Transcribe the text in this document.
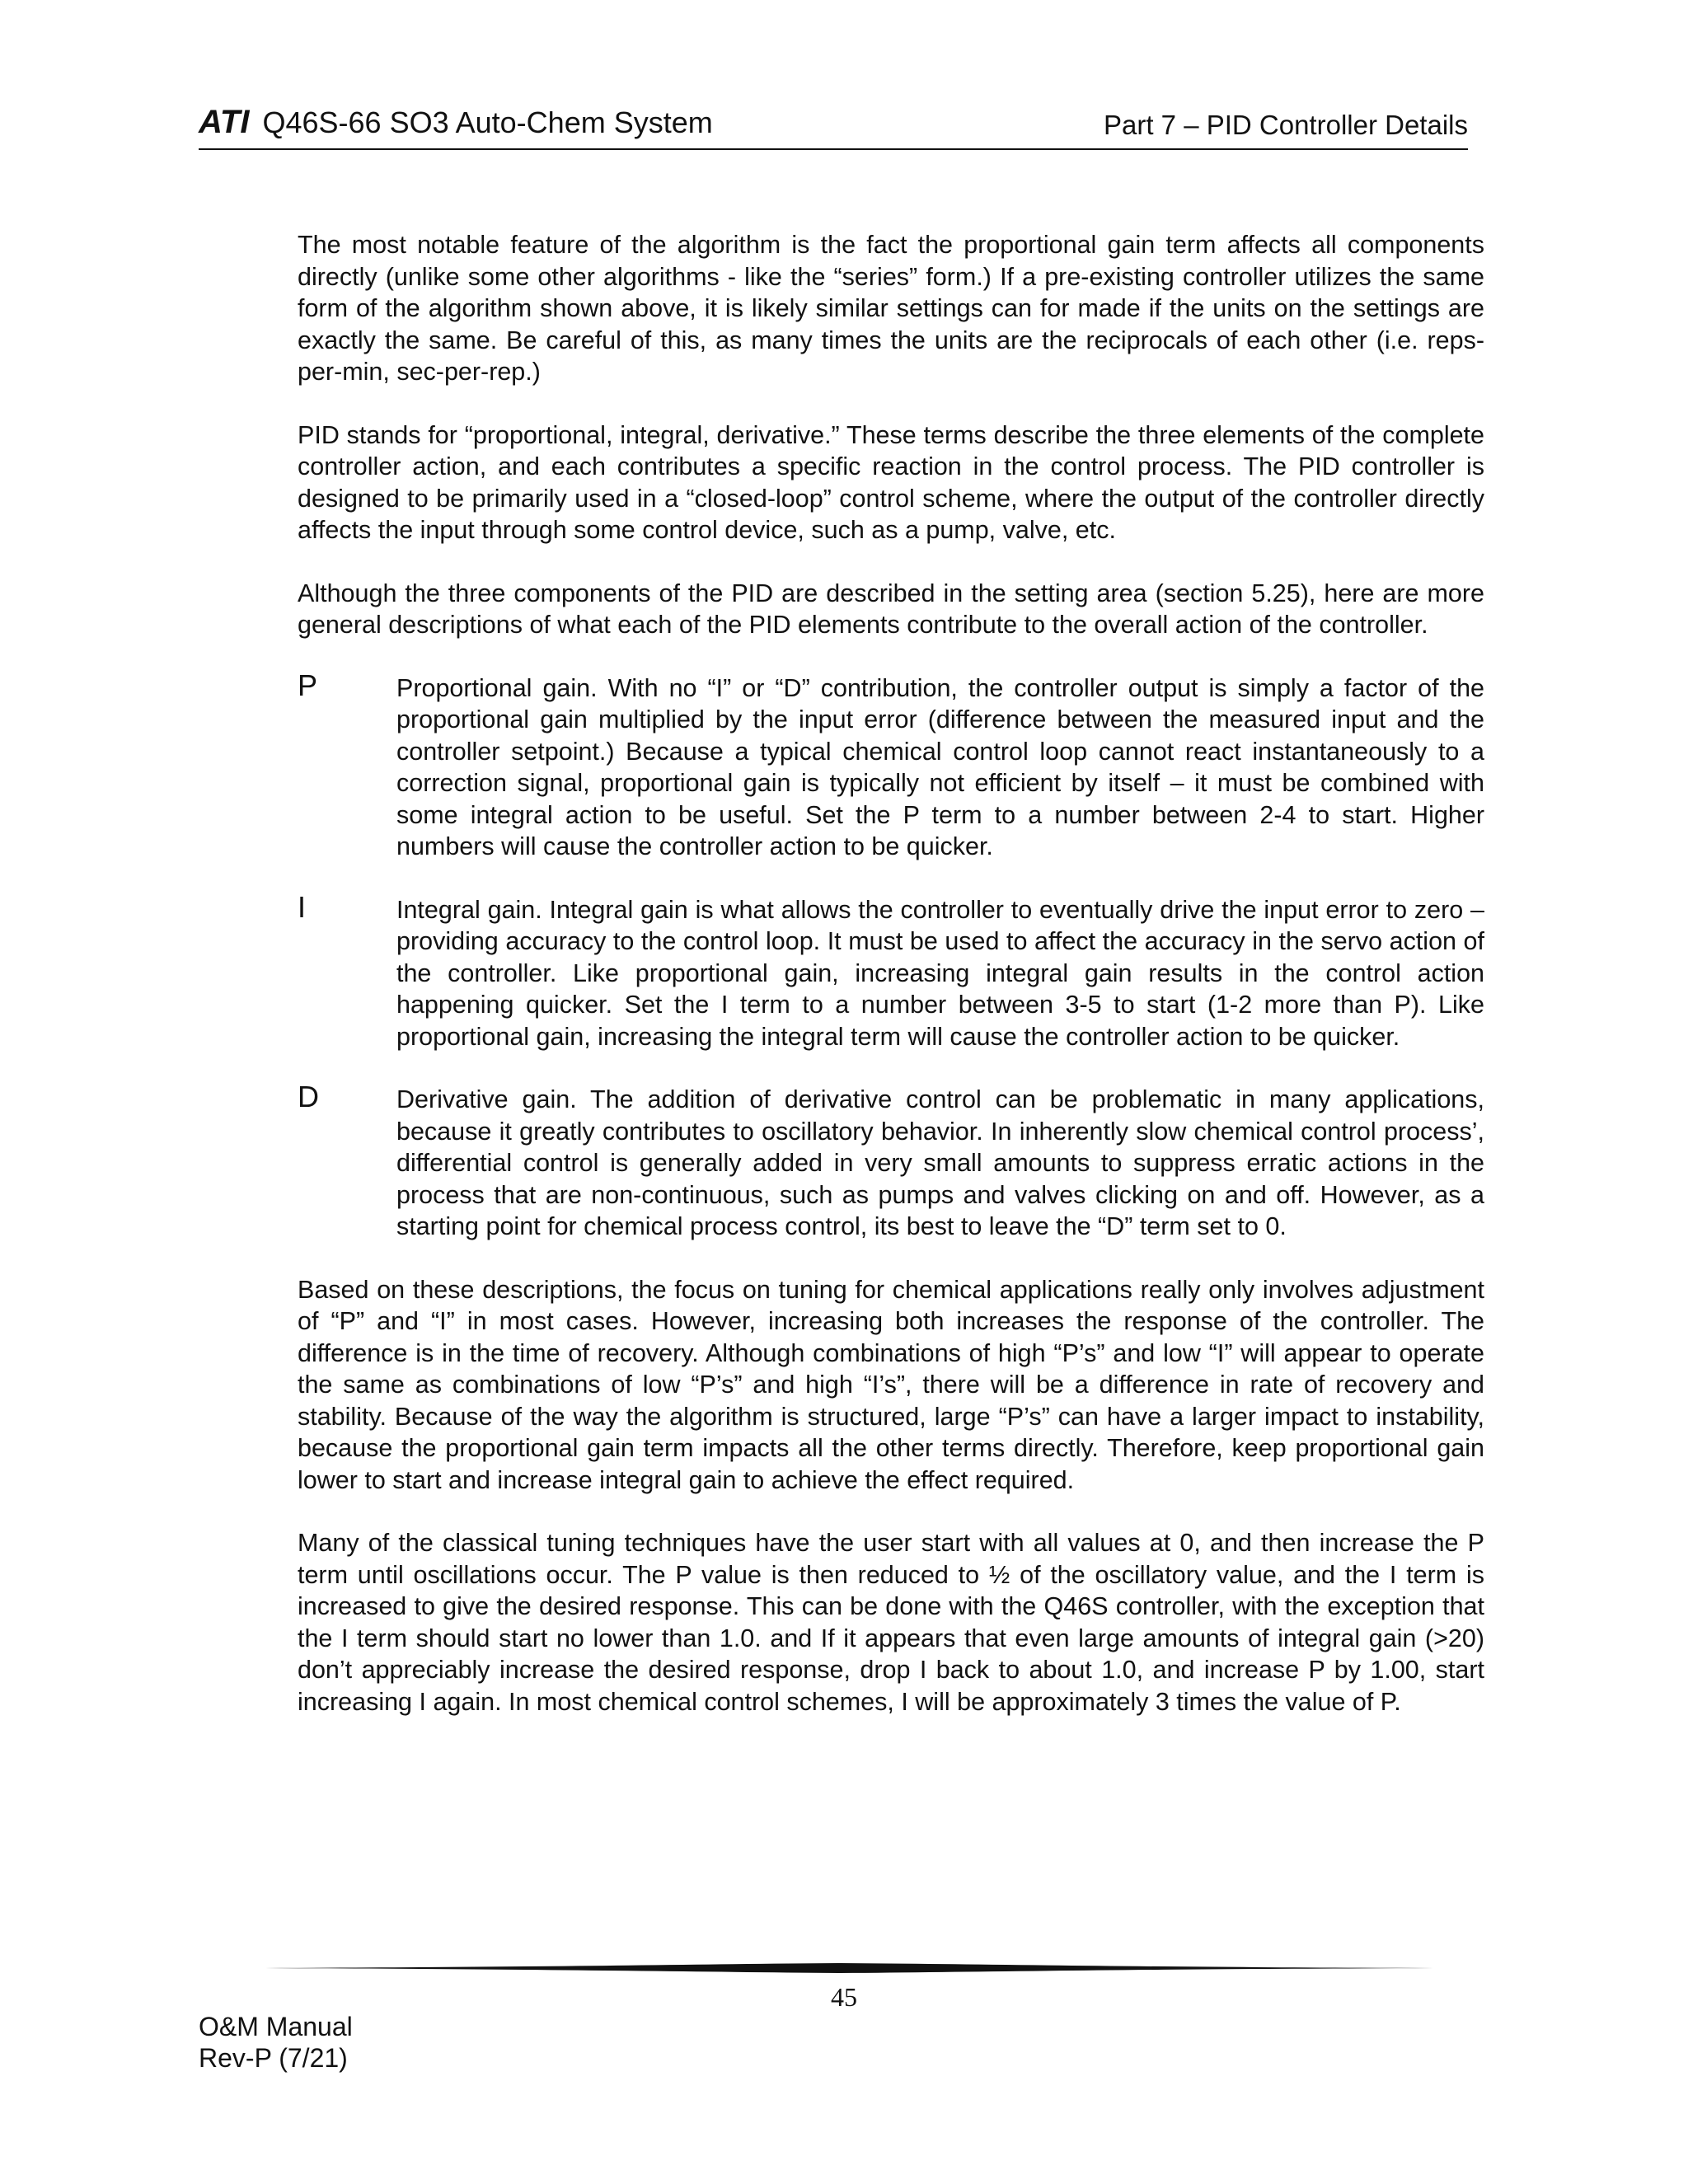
ATI Q46S-66 SO3 Auto-Chem System	Part 7 – PID Controller Details

The most notable feature of the algorithm is the fact the proportional gain term affects all components directly (unlike some other algorithms - like the “series” form.) If a pre-existing controller utilizes the same form of the algorithm shown above, it is likely similar settings can for made if the units on the settings are exactly the same. Be careful of this, as many times the units are the reciprocals of each other (i.e. reps-per-min, sec-per-rep.)

PID stands for “proportional, integral, derivative.” These terms describe the three elements of the complete controller action, and each contributes a specific reaction in the control process. The PID controller is designed to be primarily used in a “closed-loop” control scheme, where the output of the controller directly affects the input through some control device, such as a pump, valve, etc.

Although the three components of the PID are described in the setting area (section 5.25), here are more general descriptions of what each of the PID elements contribute to the overall action of the controller.

P	Proportional gain. With no “I” or “D” contribution, the controller output is simply a factor of the proportional gain multiplied by the input error (difference between the measured input and the controller setpoint.) Because a typical chemical control loop cannot react instantaneously to a correction signal, proportional gain is typically not efficient by itself – it must be combined with some integral action to be useful. Set the P term to a number between 2-4 to start. Higher numbers will cause the controller action to be quicker.
I	Integral gain. Integral gain is what allows the controller to eventually drive the input error to zero – providing accuracy to the control loop. It must be used to affect the accuracy in the servo action of the controller. Like proportional gain, increasing integral gain results in the control action happening quicker. Set the I term to a number between 3-5 to start (1-2 more than P). Like proportional gain, increasing the integral term will cause the controller action to be quicker.
D	Derivative gain. The addition of derivative control can be problematic in many applications, because it greatly contributes to oscillatory behavior. In inherently slow chemical control process’, differential control is generally added in very small amounts to suppress erratic actions in the process that are non-continuous, such as pumps and valves clicking on and off. However, as a starting point for chemical process control, its best to leave the “D” term set to 0.

Based on these descriptions, the focus on tuning for chemical applications really only involves adjustment of “P” and “I” in most cases. However, increasing both increases the response of the controller. The difference is in the time of recovery. Although combinations of high “P’s” and low “I” will appear to operate the same as combinations of low “P’s” and high “I’s”, there will be a difference in rate of recovery and stability. Because of the way the algorithm is structured, large “P’s” can have a larger impact to instability, because the proportional gain term impacts all the other terms directly. Therefore, keep proportional gain lower to start and increase integral gain to achieve the effect required.

Many of the classical tuning techniques have the user start with all values at 0, and then increase the P term until oscillations occur. The P value is then reduced to ½ of the oscillatory value, and the I term is increased to give the desired response. This can be done with the Q46S controller, with the exception that the I term should start no lower than 1.0. and If it appears that even large amounts of integral gain (>20) don’t appreciably increase the desired response, drop I back to about 1.0, and increase P by 1.00, start increasing I again. In most chemical control schemes, I will be approximately 3 times the value of P.

45
O&M Manual
Rev-P (7/21)
